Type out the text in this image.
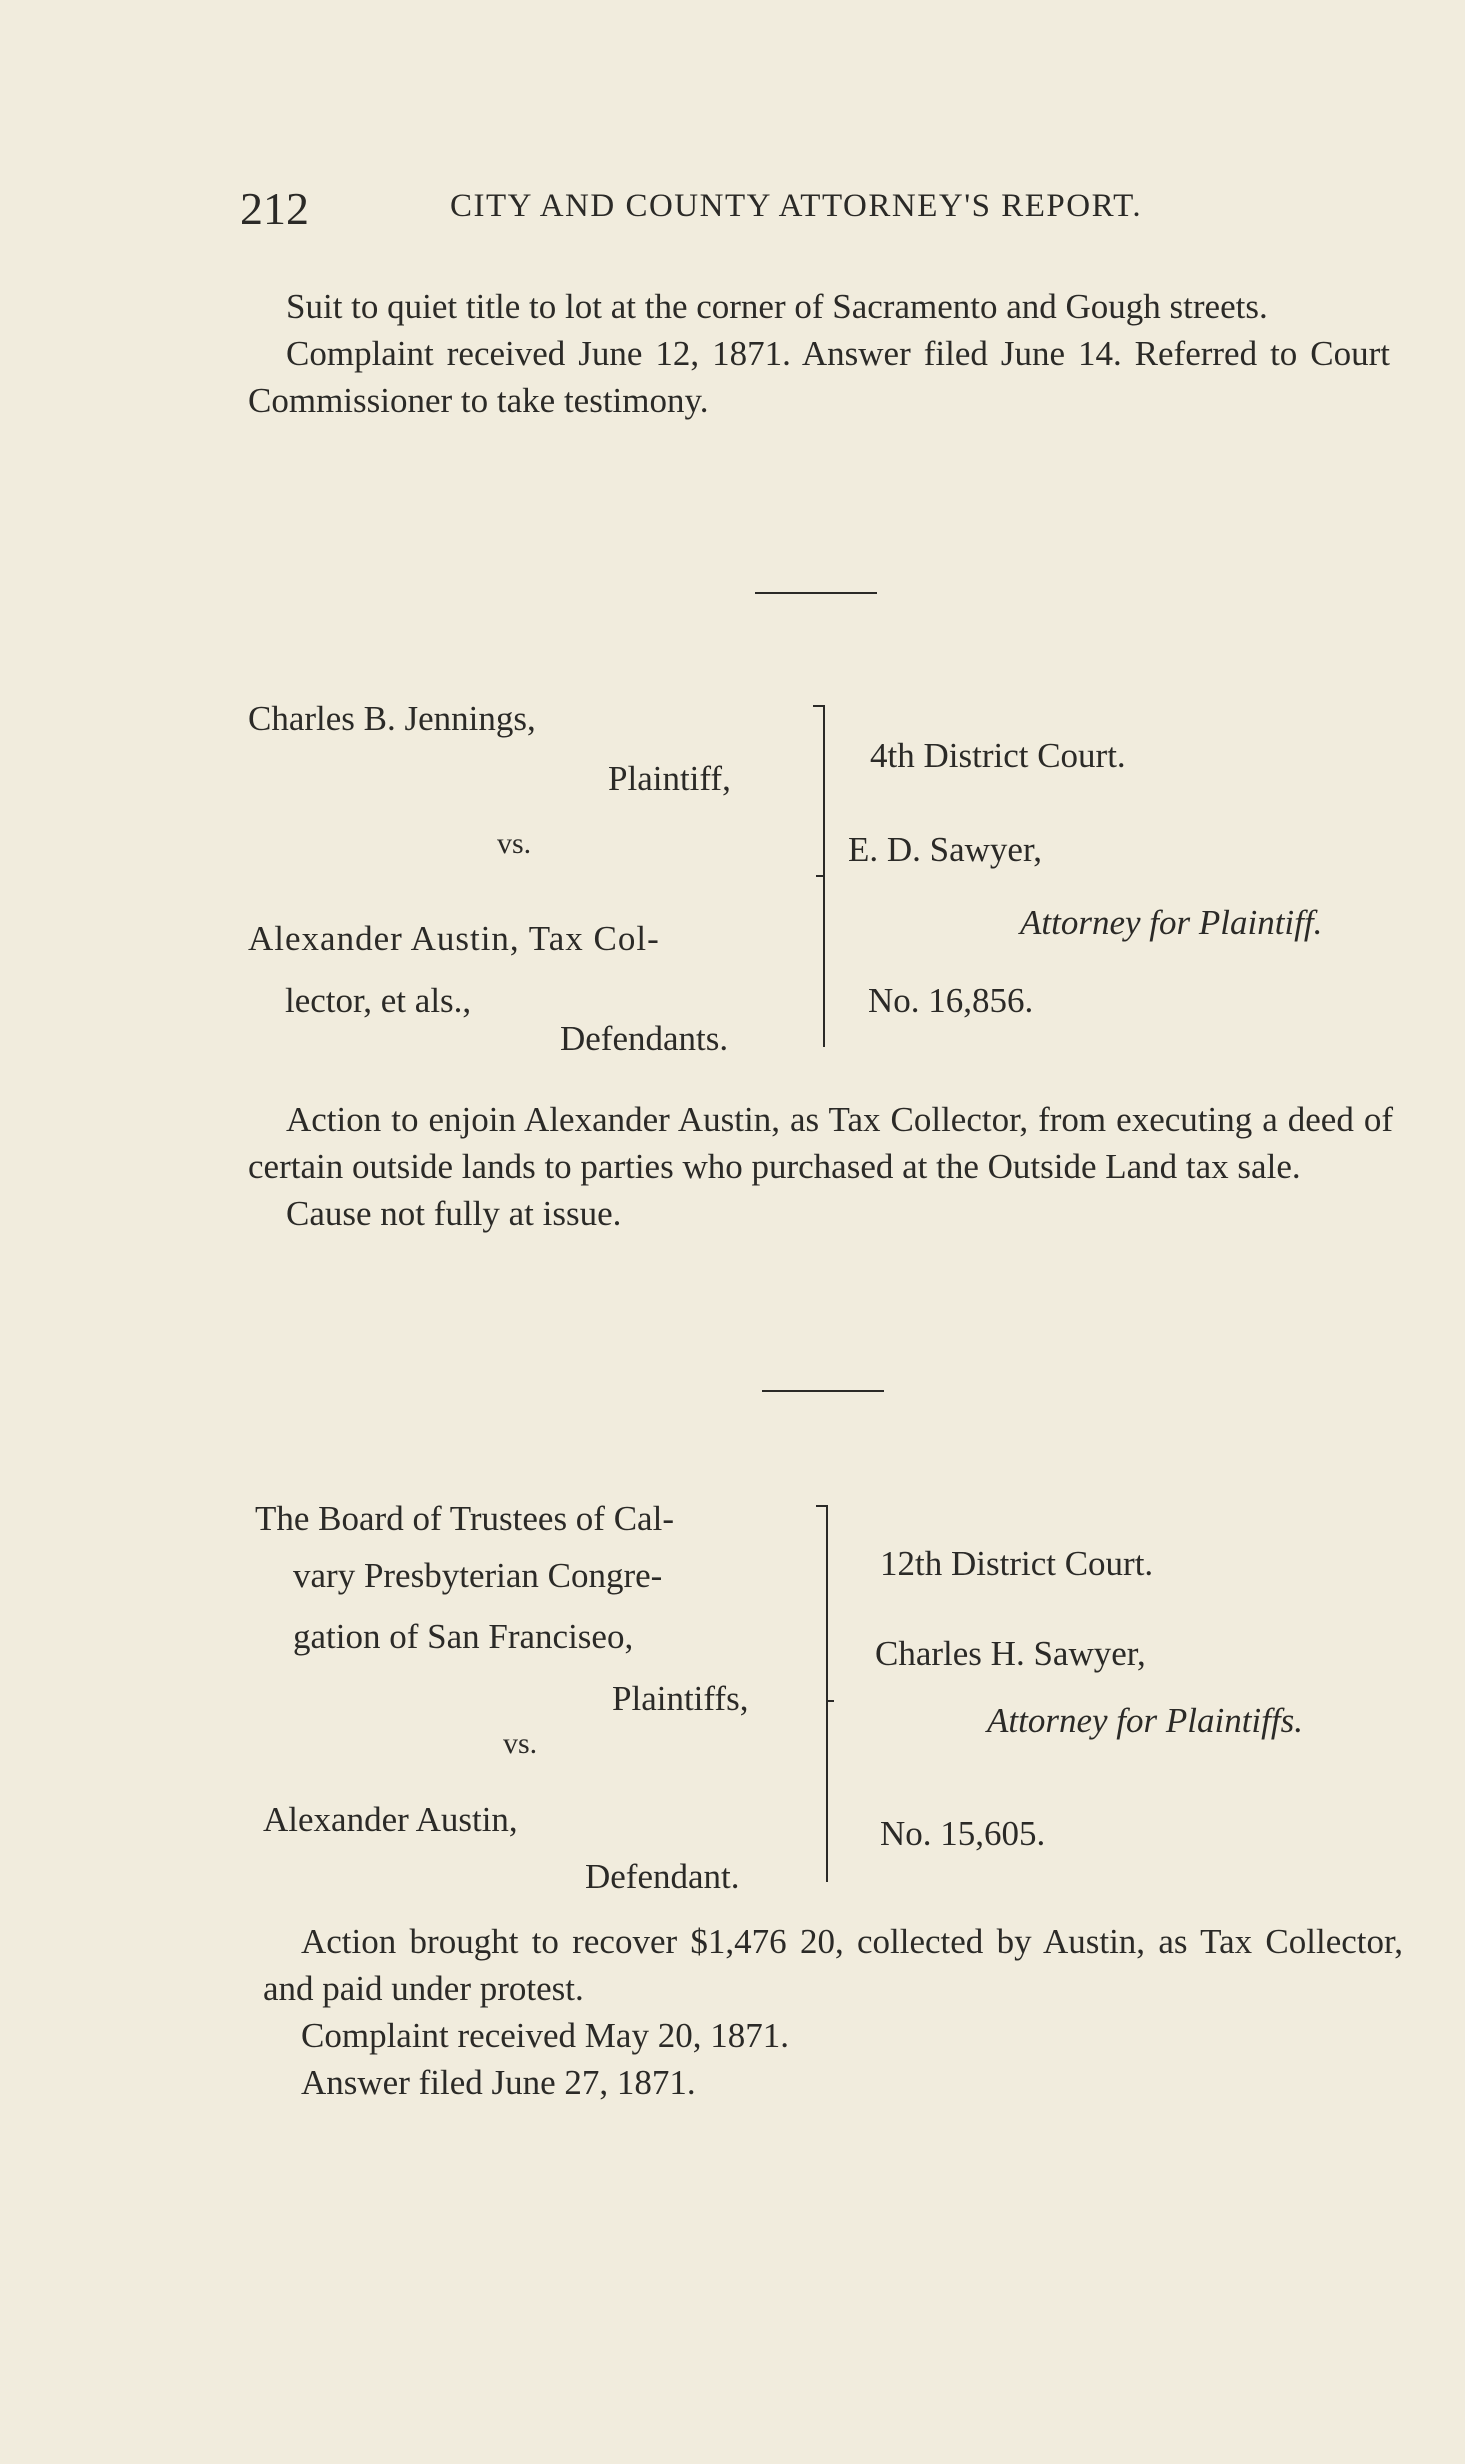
212	CITY AND COUNTY ATTORNEY'S REPORT.

Suit to quiet title to lot at the corner of Sacramento and Gough streets.

Complaint received June 12, 1871. Answer filed June 14. Referred to Court Commissioner to take testimony.

Charles B. Jennings,
Plaintiff,
vs.
Alexander Austin, Tax Col-
lector, et als.,
Defendants.
4th District Court.
E. D. Sawyer,
Attorney for Plaintiff.
No. 16,856.

Action to enjoin Alexander Austin, as Tax Collector, from executing a deed of certain outside lands to parties who purchased at the Outside Land tax sale.

Cause not fully at issue.

The Board of Trustees of Cal-
vary Presbyterian Congre-
gation of San Franciseo,
Plaintiffs,
vs.
Alexander Austin,
Defendant.
12th District Court.
Charles H. Sawyer,
Attorney for Plaintiffs.
No. 15,605.

Action brought to recover $1,476 20, collected by Austin, as Tax Collector, and paid under protest.

Complaint received May 20, 1871.

Answer filed June 27, 1871.
